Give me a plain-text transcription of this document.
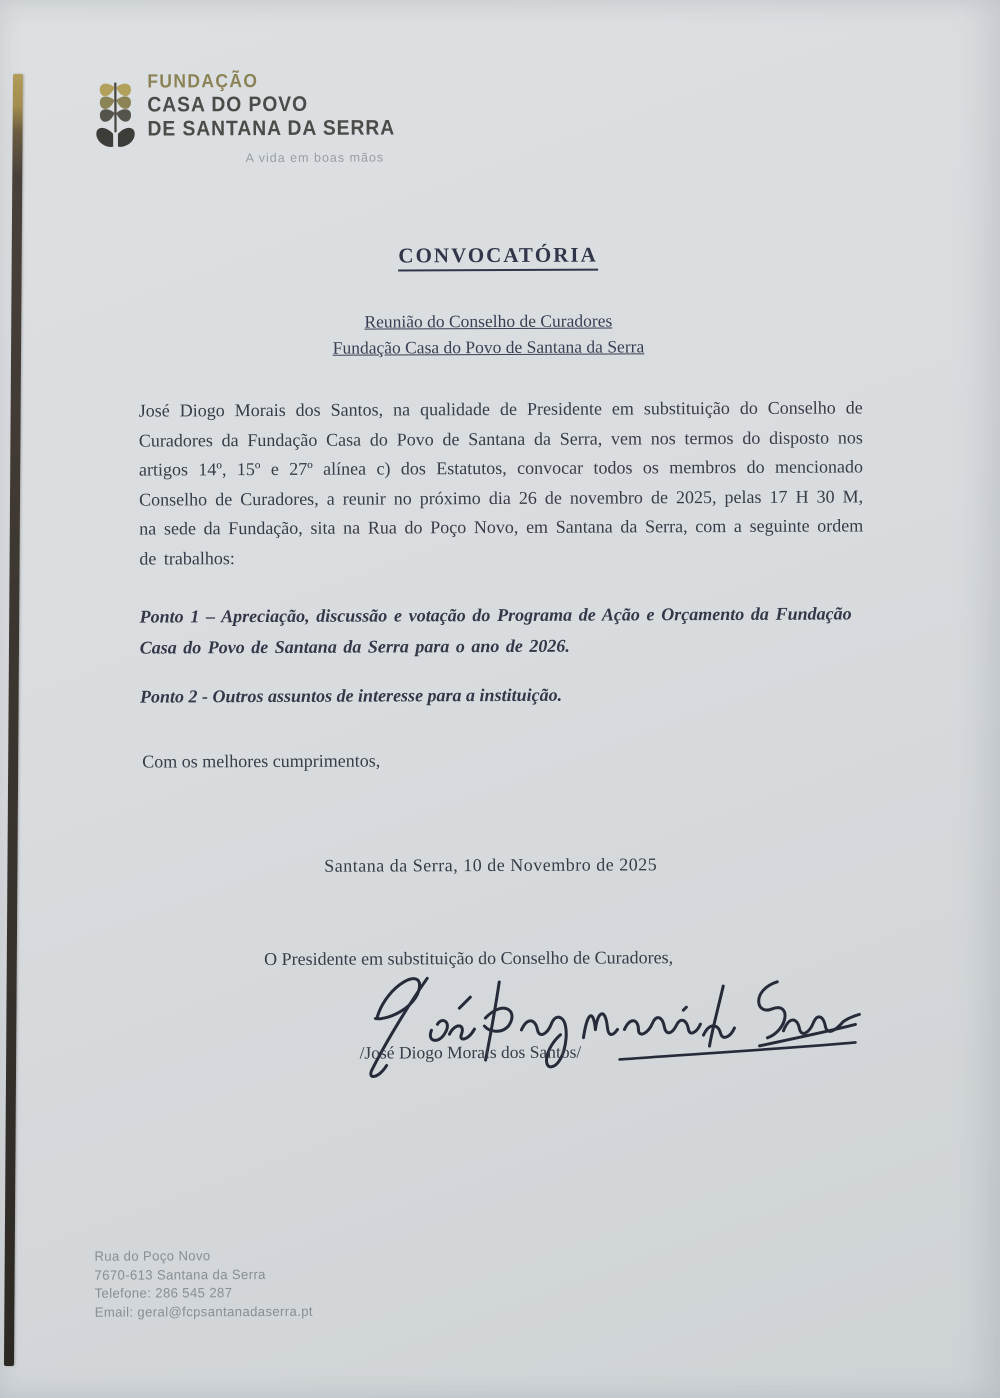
FUNDAÇÃO
CASA DO POVO
DE SANTANA DA SERRA
A vida em boas mãos
CONVOCATÓRIA
Reunião do Conselho de Curadores
Fundação Casa do Povo de Santana da Serra
José Diogo Morais dos Santos, na qualidade de Presidente em substituição do Conselho de Curadores da Fundação Casa do Povo de Santana da Serra, vem nos termos do disposto nos artigos 14º, 15º e 27º alínea c) dos Estatutos, convocar todos os membros do mencionado Conselho de Curadores, a reunir no próximo dia 26 de novembro de 2025, pelas 17 H 30 M, na sede da Fundação, sita na Rua do Poço Novo, em Santana da Serra, com a seguinte ordem de trabalhos:
Ponto 1 – Apreciação, discussão e votação do Programa de Ação e Orçamento da Fundação Casa do Povo de Santana da Serra para o ano de 2026.
Ponto 2 - Outros assuntos de interesse para a instituição.
Com os melhores cumprimentos,
Santana da Serra, 10 de Novembro de 2025
O Presidente em substituição do Conselho de Curadores,
/José Diogo Morais dos Santos/
Rua do Poço Novo
7670-613 Santana da Serra
Telefone: 286 545 287
Email: geral@fcpsantanadaserra.pt
